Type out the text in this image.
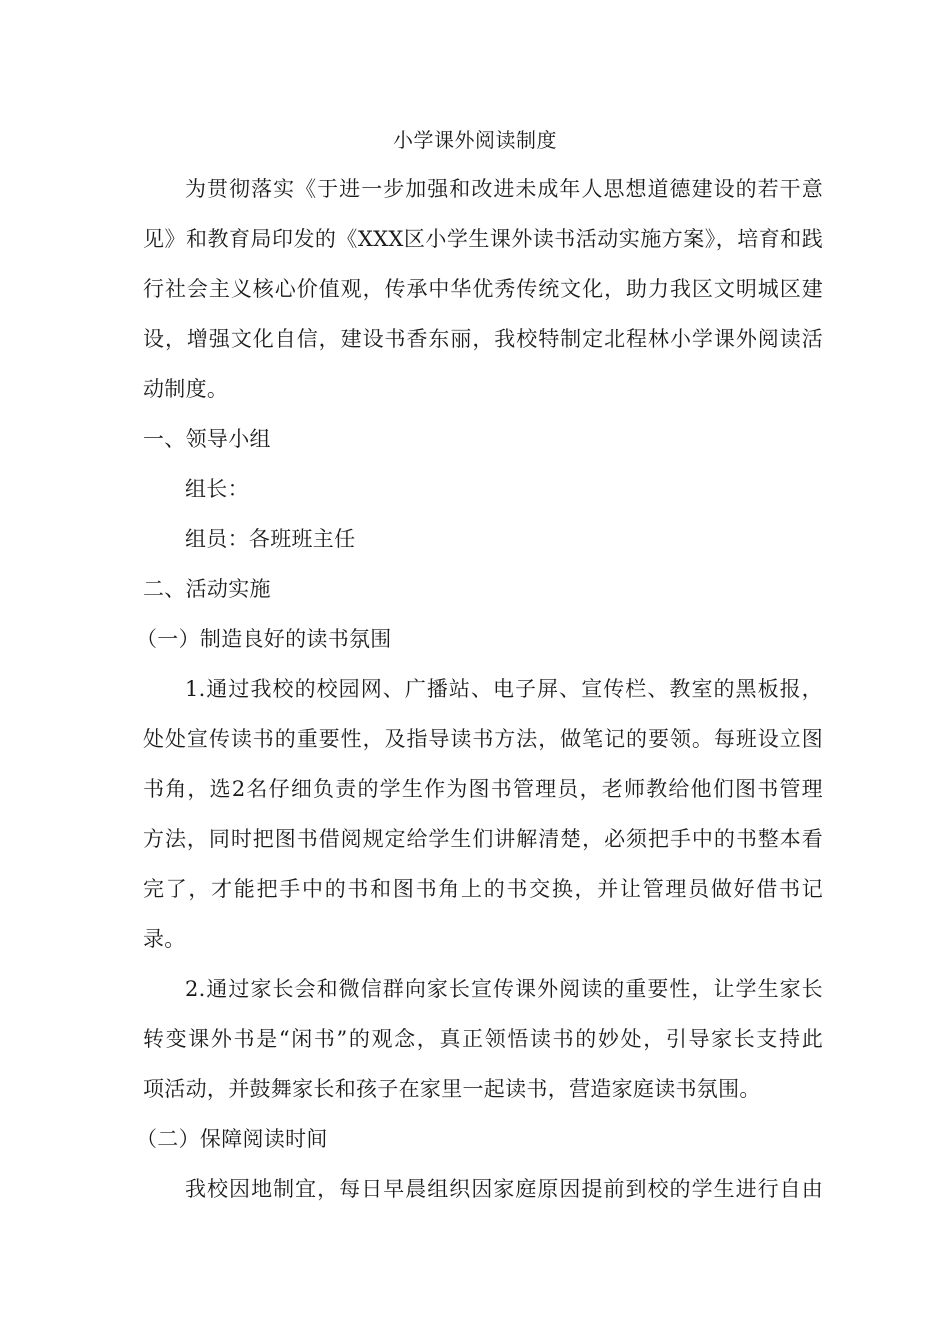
小学课外阅读制度
为贯彻落实《于进一步加强和改进未成年人思想道德建设的若干意
见》和教育局印发的《XXX区小学生课外读书活动实施方案》，培育和践
行社会主义核心价值观，传承中华优秀传统文化，助力我区文明城区建
设，增强文化自信，建设书香东丽，我校特制定北程林小学课外阅读活
动制度。
一、领导小组
组长：
组员：各班班主任
二、活动实施
（一）制造良好的读书氛围
1.通过我校的校园网、广播站、电子屏、宣传栏、教室的黑板报，
处处宣传读书的重要性，及指导读书方法，做笔记的要领。每班设立图
书角，选2名仔细负责的学生作为图书管理员，老师教给他们图书管理
方法，同时把图书借阅规定给学生们讲解清楚，必须把手中的书整本看
完了，才能把手中的书和图书角上的书交换，并让管理员做好借书记
录。
2.通过家长会和微信群向家长宣传课外阅读的重要性，让学生家长
转变课外书是“闲书”的观念，真正领悟读书的妙处，引导家长支持此
项活动，并鼓舞家长和孩子在家里一起读书，营造家庭读书氛围。
（二）保障阅读时间
我校因地制宜，每日早晨组织因家庭原因提前到校的学生进行自由
